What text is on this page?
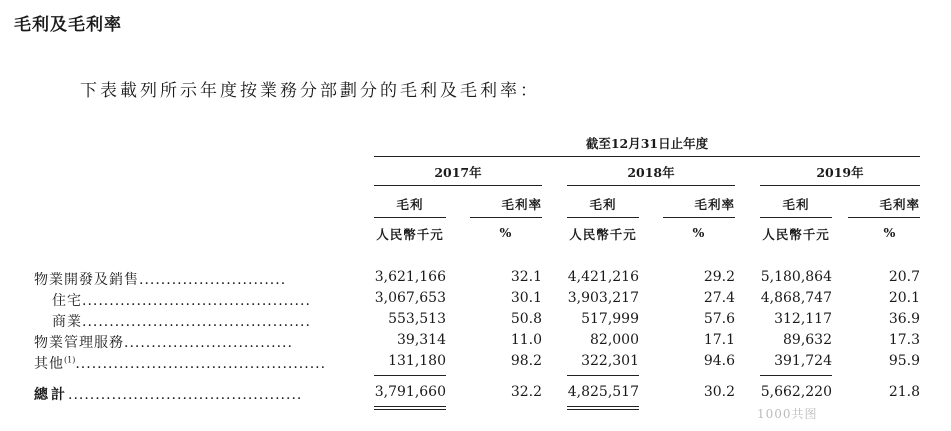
毛利及毛利率
下表載列所示年度按業務分部劃分的毛利及毛利率：
截至12月31日止年度
2017年	2018年	2019年
毛利	毛利率	毛利	毛利率	毛利	毛利率
人民幣千元	%	人民幣千元	%	人民幣千元	%
物業開發及銷售...........................	3,621,166	32.1	4,421,216	29.2	5,180,864	20.7
住宅..........................................	3,067,653	30.1	3,903,217	27.4	4,868,747	20.1
商業..........................................	553,513	50.8	517,999	57.6	312,117	36.9
物業管理服務...............................	39,314	11.0	82,000	17.1	89,632	17.3
其他$^{(1)}$..............................................	131,180	98.2	322,301	94.6	391,724	95.9
總計...........................................	3,791,660	32.2	4,825,517	30.2	5,662,220	21.8
1000共图
